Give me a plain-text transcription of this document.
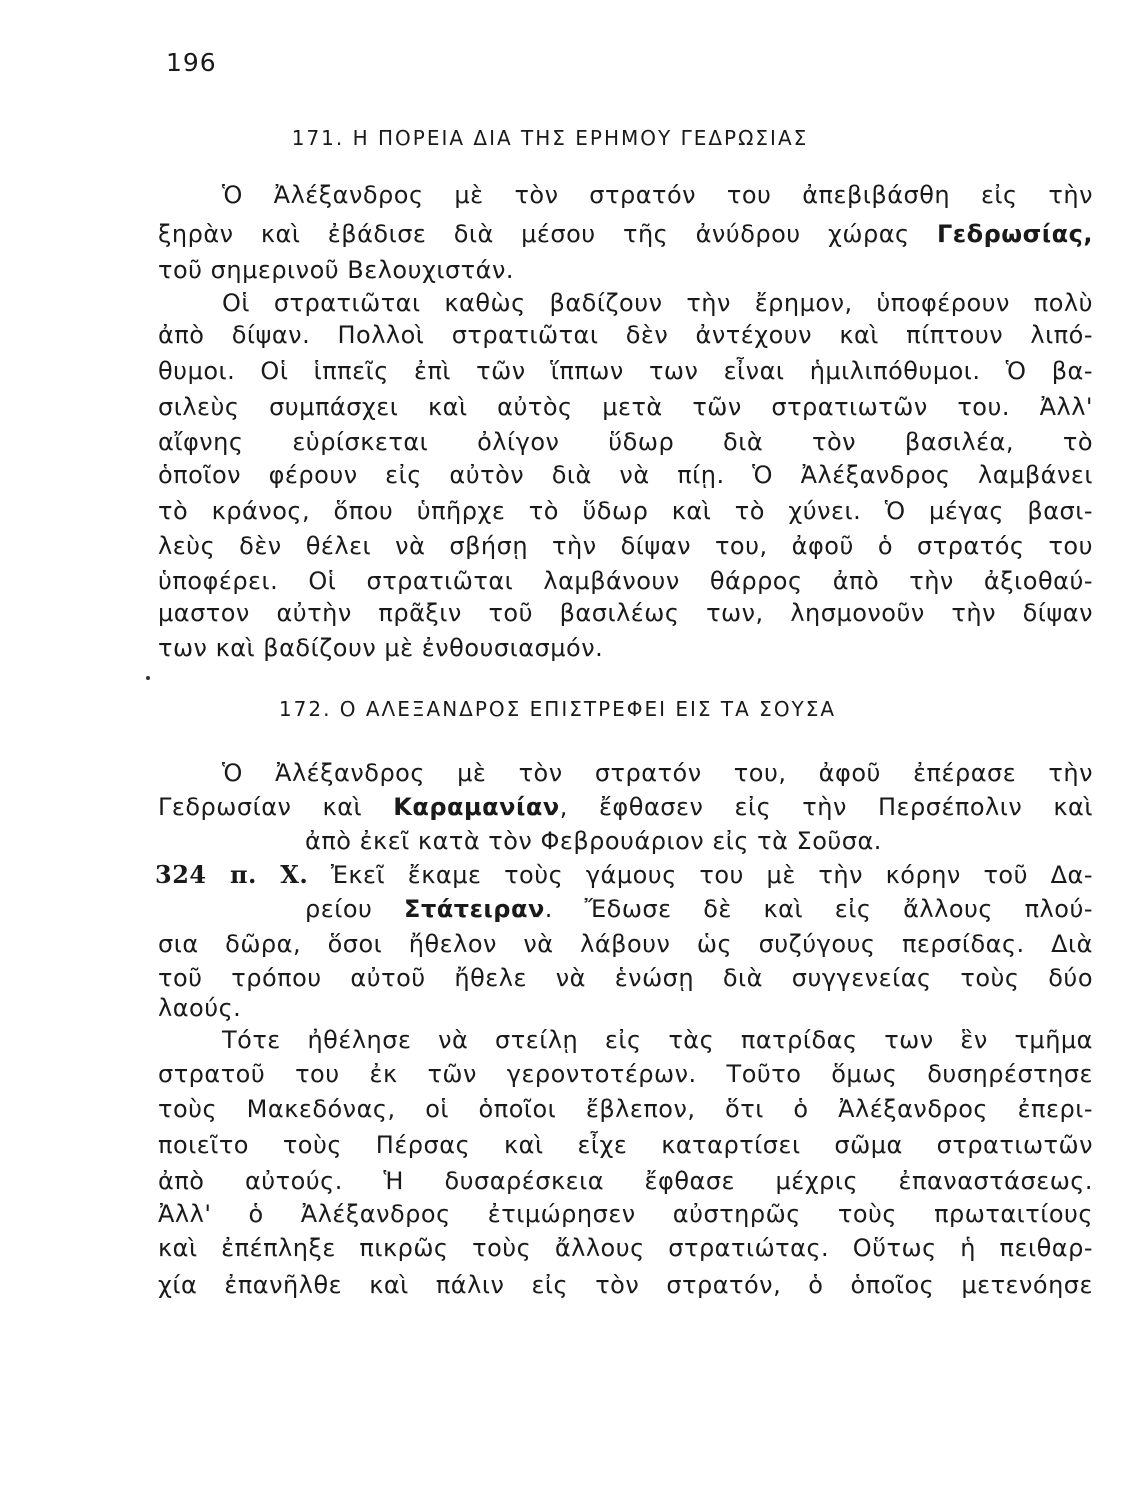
196
171. Η ΠΟΡΕΙΑ ΔΙΑ ΤΗΣ ΕΡΗΜΟΥ ΓΕΔΡΩΣΙΑΣ
Ὁ Ἀλέξανδρος μὲ τὸν στρατόν του ἀπεβιβάσθη εἰς τὴν
ξηρὰν καὶ ἐβάδισε διὰ μέσου τῆς ἀνύδρου χώρας Γεδρωσίας,
τοῦ σημερινοῦ Βελουχιστάν.
Οἱ στρατιῶται καθὼς βαδίζουν τὴν ἔρημον, ὑποφέρουν πολὺ
ἀπὸ δίψαν. Πολλοὶ στρατιῶται δὲν ἀντέχουν καὶ πίπτουν λιπό-
θυμοι. Οἱ ἱππεῖς ἐπὶ τῶν ἵππων των εἶναι ἡμιλιπόθυμοι. Ὁ βα-
σιλεὺς συμπάσχει καὶ αὐτὸς μετὰ τῶν στρατιωτῶν του. Ἀλλ'
αἴφνης εὑρίσκεται ὀλίγον ὕδωρ διὰ τὸν βασιλέα, τὸ
ὁποῖον φέρουν εἰς αὐτὸν διὰ νὰ πίῃ. Ὁ Ἀλέξανδρος λαμβάνει
τὸ κράνος, ὅπου ὑπῆρχε τὸ ὕδωρ καὶ τὸ χύνει. Ὁ μέγας βασι-
λεὺς δὲν θέλει νὰ σβήσῃ τὴν δίψαν του, ἀφοῦ ὁ στρατός του
ὑποφέρει. Οἱ στρατιῶται λαμβάνουν θάρρος ἀπὸ τὴν ἀξιοθαύ-
μαστον αὐτὴν πρᾶξιν τοῦ βασιλέως των, λησμονοῦν τὴν δίψαν
των καὶ βαδίζουν μὲ ἐνθουσιασμόν.
172. Ο ΑΛΕΞΑΝΔΡΟΣ ΕΠΙΣΤΡΕΦΕΙ ΕΙΣ ΤΑ ΣΟΥΣΑ
Ὁ Ἀλέξανδρος μὲ τὸν στρατόν του, ἀφοῦ ἐπέρασε τὴν
Γεδρωσίαν καὶ Καραμανίαν, ἔφθασεν εἰς τὴν Περσέπολιν καὶ
ἀπὸ ἐκεῖ κατὰ τὸν Φεβρουάριον εἰς τὰ Σοῦσα.
324 π. Χ. Ἐκεῖ ἔκαμε τοὺς γάμους του μὲ τὴν κόρην τοῦ Δα-
ρείου Στάτειραν. Ἔδωσε δὲ καὶ εἰς ἄλλους πλού-
σια δῶρα, ὅσοι ἤθελον νὰ λάβουν ὡς συζύγους περσίδας. Διὰ
τοῦ τρόπου αὐτοῦ ἤθελε νὰ ἑνώσῃ διὰ συγγενείας τοὺς δύο
λαούς.
Τότε ἠθέλησε νὰ στείλῃ εἰς τὰς πατρίδας των ἓν τμῆμα
στρατοῦ του ἐκ τῶν γεροντοτέρων. Τοῦτο ὅμως δυσηρέστησε
τοὺς Μακεδόνας, οἱ ὁποῖοι ἔβλεπον, ὅτι ὁ Ἀλέξανδρος ἐπερι-
ποιεῖτο τοὺς Πέρσας καὶ εἶχε καταρτίσει σῶμα στρατιωτῶν
ἀπὸ αὐτούς. Ἡ δυσαρέσκεια ἔφθασε μέχρις ἐπαναστάσεως.
Ἀλλ' ὁ Ἀλέξανδρος ἐτιμώρησεν αὐστηρῶς τοὺς πρωταιτίους
καὶ ἐπέπληξε πικρῶς τοὺς ἄλλους στρατιώτας. Οὕτως ἡ πειθαρ-
χία ἐπανῆλθε καὶ πάλιν εἰς τὸν στρατόν, ὁ ὁποῖος μετενόησε
